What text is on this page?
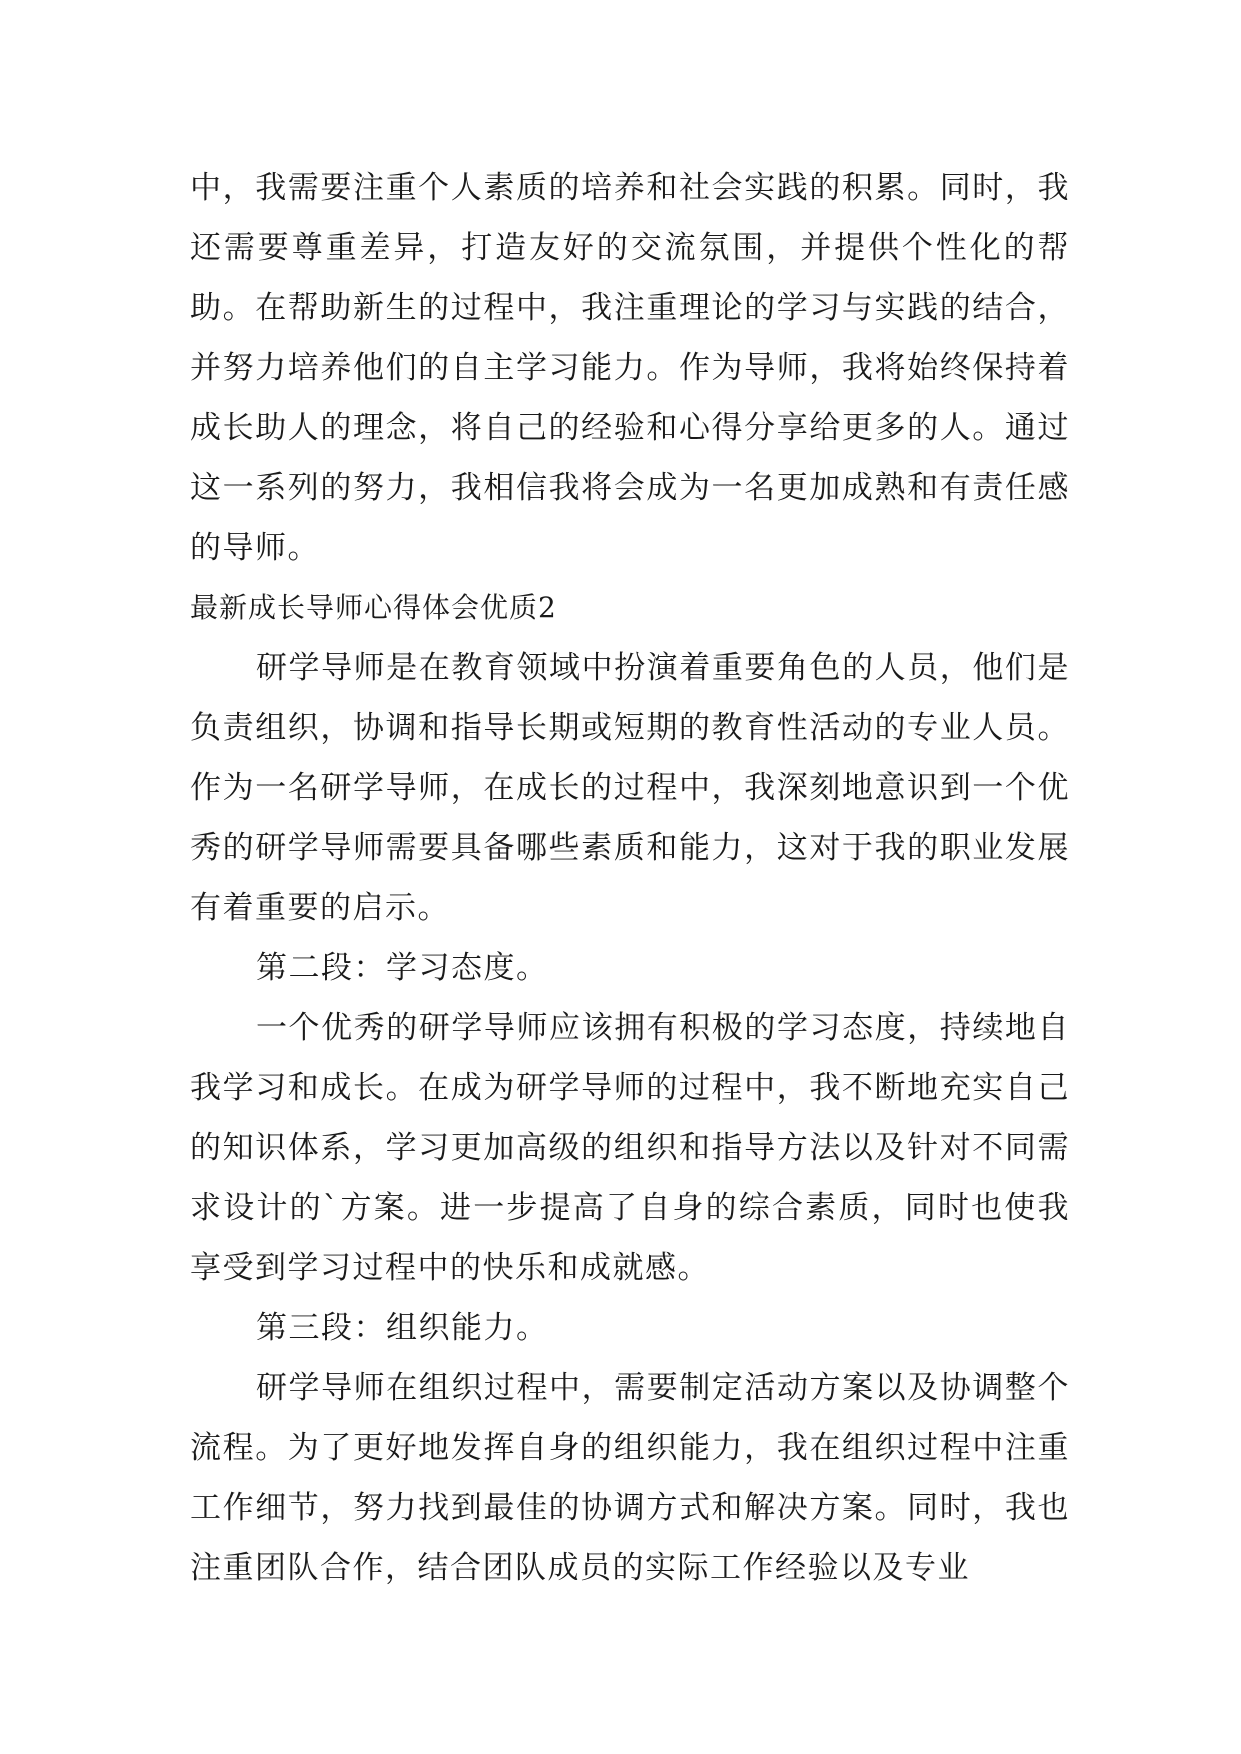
中，我需要注重个人素质的培养和社会实践的积累。同时，我还需要尊重差异，打造友好的交流氛围，并提供个性化的帮助。在帮助新生的过程中，我注重理论的学习与实践的结合，并努力培养他们的自主学习能力。作为导师，我将始终保持着成长助人的理念，将自己的经验和心得分享给更多的人。通过这一系列的努力，我相信我将会成为一名更加成熟和有责任感的导师。

最新成长导师心得体会优质2

研学导师是在教育领域中扮演着重要角色的人员，他们是负责组织，协调和指导长期或短期的教育性活动的专业人员。作为一名研学导师，在成长的过程中，我深刻地意识到一个优秀的研学导师需要具备哪些素质和能力，这对于我的职业发展有着重要的启示。

第二段：学习态度。

一个优秀的研学导师应该拥有积极的学习态度，持续地自我学习和成长。在成为研学导师的过程中，我不断地充实自己的知识体系，学习更加高级的组织和指导方法以及针对不同需求设计的`方案。进一步提高了自身的综合素质，同时也使我享受到学习过程中的快乐和成就感。

第三段：组织能力。

研学导师在组织过程中，需要制定活动方案以及协调整个流程。为了更好地发挥自身的组织能力，我在组织过程中注重工作细节，努力找到最佳的协调方式和解决方案。同时，我也注重团队合作，结合团队成员的实际工作经验以及专业
